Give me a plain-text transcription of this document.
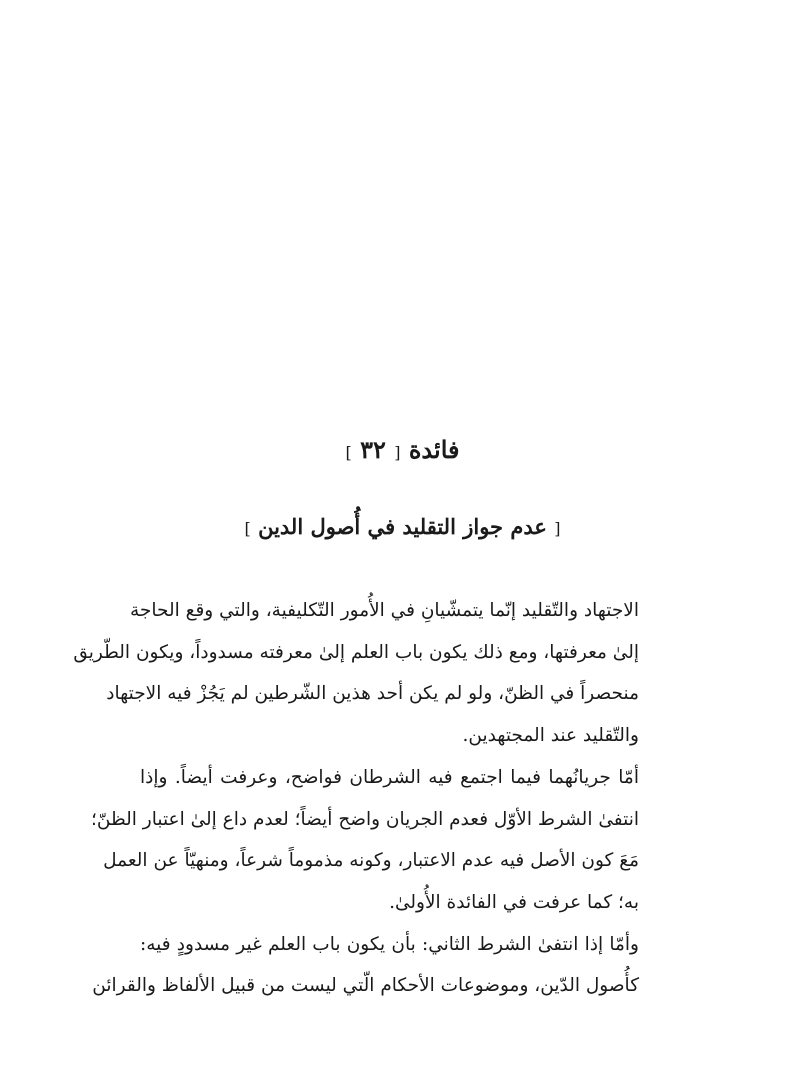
فائدة [ ٣٢ ]
[ عدم جواز التقليد في أُصول الدين ]

الاجتهاد والتّقليد إنّما يتمشّيانِ في الأُمور التّكليفية، والتي وقع الحاجة
إلىٰ معرفتها، ومع ذلك يكون باب العلم إلىٰ معرفته مسدوداً، ويكون الطّريق
منحصراً في الظنّ، ولو لم يكن أحد هذين الشّرطين لم يَجُزْ فيه الاجتهاد
والتّقليد عند المجتهدين.

أمّا جريانُهما فيما اجتمع فيه الشرطان فواضح، وعرفت أيضاً. وإذا
انتفىٰ الشرط الأوّل فعدم الجريان واضح أيضاً؛ لعدم داع إلىٰ اعتبار الظنّ؛
مَعَ كون الأصل فيه عدم الاعتبار، وكونه مذموماً شرعاً، ومنهيّاً عن العمل
به؛ كما عرفت في الفائدة الأُولىٰ.

وأمّا إذا انتفىٰ الشرط الثاني: بأن يكون باب العلم غير مسدودٍ فيه:
كأُصول الدّين، وموضوعات الأحكام الّتي ليست من قبيل الألفاظ والقرائن
